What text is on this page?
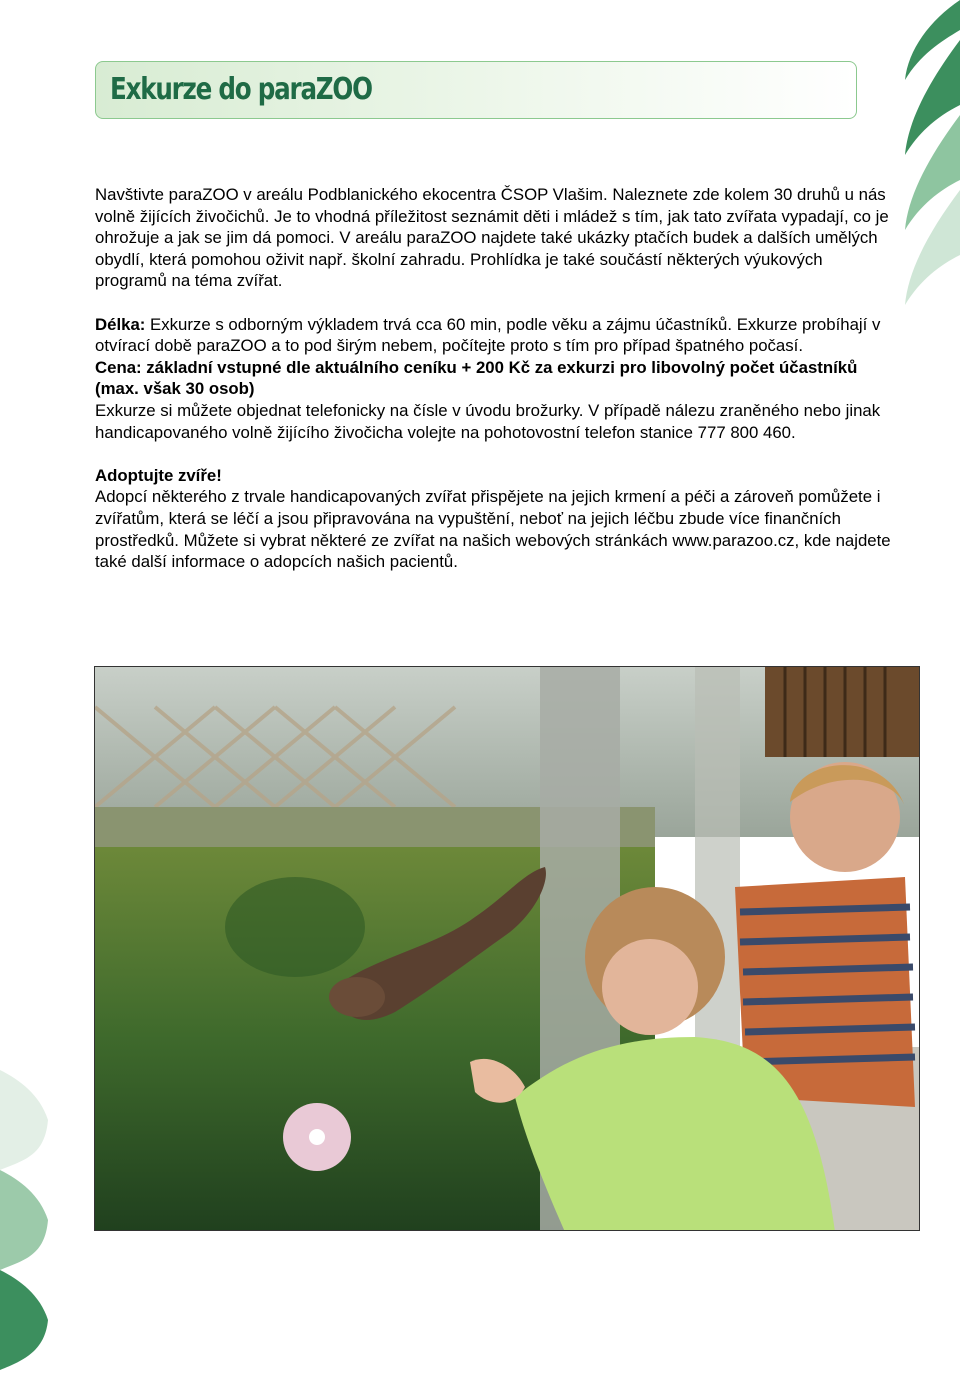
Exkurze do paraZOO

Navštivte paraZOO v areálu Podblanického ekocentra ČSOP Vlašim. Naleznete zde kolem 30 druhů u nás volně žijících živočichů. Je to vhodná příležitost seznámit děti i mládež s tím, jak tato zvířata vypadají, co je ohrožuje a jak se jim dá pomoci. V areálu paraZOO najdete také ukázky ptačích budek a dalších umělých obydlí, která pomohou oživit např. školní zahradu. Prohlídka je také součástí některých výukových programů na téma zvířat.

Délka: Exkurze s odborným výkladem trvá cca 60 min, podle věku a zájmu účastníků. Exkurze probíhají v otvírací době paraZOO a to pod širým nebem, počítejte proto s tím pro případ špatného počasí.

Cena: základní vstupné dle aktuálního ceníku + 200 Kč za exkurzi pro libovolný počet účastníků (max. však 30 osob)

Exkurze si můžete objednat telefonicky na čísle v úvodu brožurky. V případě nálezu zraněného nebo jinak handicapovaného volně žijícího živočicha volejte na pohotovostní telefon stanice 777 800 460.

Adoptujte zvíře!

Adopcí některého z trvale handicapovaných zvířat přispějete na jejich krmení a péči a zároveň pomůžete i zvířatům, která se léčí a jsou připravována na vypuštění, neboť na jejich léčbu zbude více finančních prostředků. Můžete si vybrat některé ze zvířat na našich webových stránkách www.parazoo.cz, kde najdete také další informace o adopcích našich pacientů.
